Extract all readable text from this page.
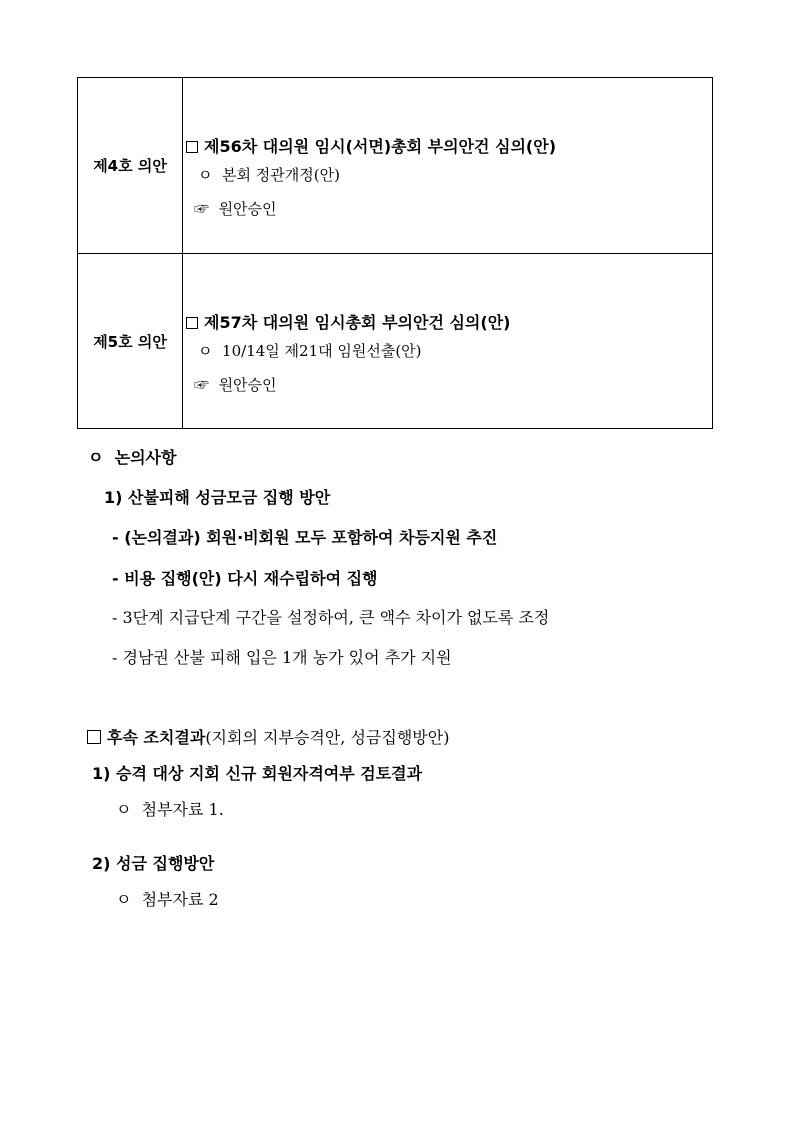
제4호 의안
제56차 대의원 임시(서면)총회 부의안건 심의(안)
ㅇ 본회 정관개정(안)
☞ 원안승인
제5호 의안
제57차 대의원 임시총회 부의안건 심의(안)
ㅇ 10/14일 제21대 임원선출(안)
☞ 원안승인
ㅇ 논의사항
1) 산불피해 성금모금 집행 방안
- (논의결과) 회원·비회원 모두 포함하여 차등지원 추진
- 비용 집행(안) 다시 재수립하여 집행
- 3단계 지급단계 구간을 설정하여, 큰 액수 차이가 없도록 조정
- 경남권 산불 피해 입은 1개 농가 있어 추가 지원
후속 조치결과(지회의 지부승격안, 성금집행방안)
1) 승격 대상 지회 신규 회원자격여부 검토결과
ㅇ 첨부자료 1.
2) 성금 집행방안
ㅇ 첨부자료 2
